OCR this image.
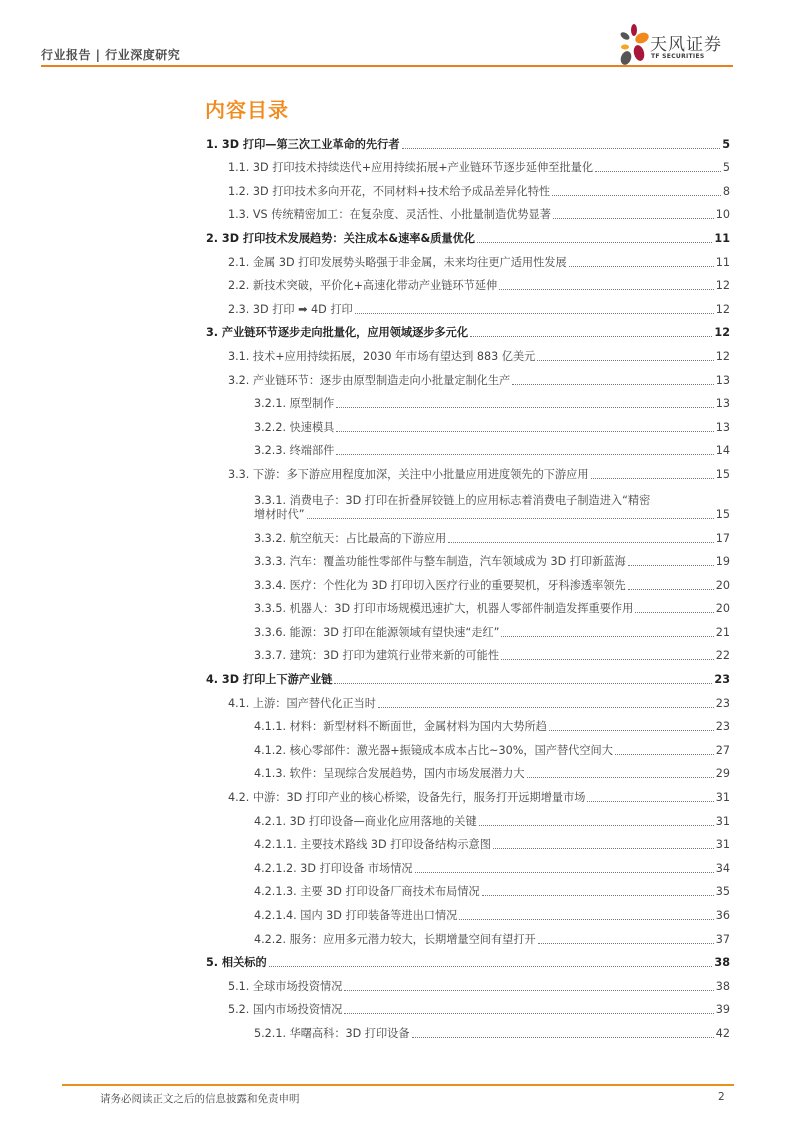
行业报告 | 行业深度研究	天风证券
TF SECURITIES
内容目录
1. 3D 打印—第三次工业革命的先行者	5
1.1. 3D 打印技术持续迭代+应用持续拓展+产业链环节逐步延伸至批量化	5
1.2. 3D 打印技术多向开花，不同材料+技术给予成品差异化特性	8
1.3. VS 传统精密加工：在复杂度、灵活性、小批量制造优势显著	10
2. 3D 打印技术发展趋势：关注成本&速率&质量优化	11
2.1. 金属 3D 打印发展势头略强于非金属，未来均往更广适用性发展	11
2.2. 新技术突破，平价化+高速化带动产业链环节延伸	12
2.3. 3D 打印 ➡ 4D 打印	12
3. 产业链环节逐步走向批量化，应用领域逐步多元化	12
3.1. 技术+应用持续拓展，2030 年市场有望达到 883 亿美元	12
3.2. 产业链环节：逐步由原型制造走向小批量定制化生产	13
3.2.1. 原型制作	13
3.2.2. 快速模具	13
3.2.3. 终端部件	14
3.3. 下游：多下游应用程度加深，关注中小批量应用进度领先的下游应用	15
3.3.1. 消费电子：3D 打印在折叠屏铰链上的应用标志着消费电子制造进入“精密
增材时代”	15
3.3.2. 航空航天：占比最高的下游应用	17
3.3.3. 汽车：覆盖功能性零部件与整车制造，汽车领域成为 3D 打印新蓝海	19
3.3.4. 医疗：个性化为 3D 打印切入医疗行业的重要契机，牙科渗透率领先	20
3.3.5. 机器人：3D 打印市场规模迅速扩大，机器人零部件制造发挥重要作用	20
3.3.6. 能源：3D 打印在能源领域有望快速“走红”	21
3.3.7. 建筑：3D 打印为建筑行业带来新的可能性	22
4. 3D 打印上下游产业链	23
4.1. 上游：国产替代化正当时	23
4.1.1. 材料：新型材料不断面世，金属材料为国内大势所趋	23
4.1.2. 核心零部件：激光器+振镜成本成本占比~30%，国产替代空间大	27
4.1.3. 软件：呈现综合发展趋势，国内市场发展潜力大	29
4.2. 中游：3D 打印产业的核心桥梁，设备先行，服务打开远期增量市场	31
4.2.1. 3D 打印设备—商业化应用落地的关键	31
4.2.1.1. 主要技术路线 3D 打印设备结构示意图	31
4.2.1.2. 3D 打印设备 市场情况	34
4.2.1.3. 主要 3D 打印设备厂商技术布局情况	35
4.2.1.4. 国内 3D 打印装备等进出口情况	36
4.2.2. 服务：应用多元潜力较大，长期增量空间有望打开	37
5. 相关标的	38
5.1. 全球市场投资情况	38
5.2. 国内市场投资情况	39
5.2.1. 华曙高科：3D 打印设备	42
请务必阅读正文之后的信息披露和免责申明	2
